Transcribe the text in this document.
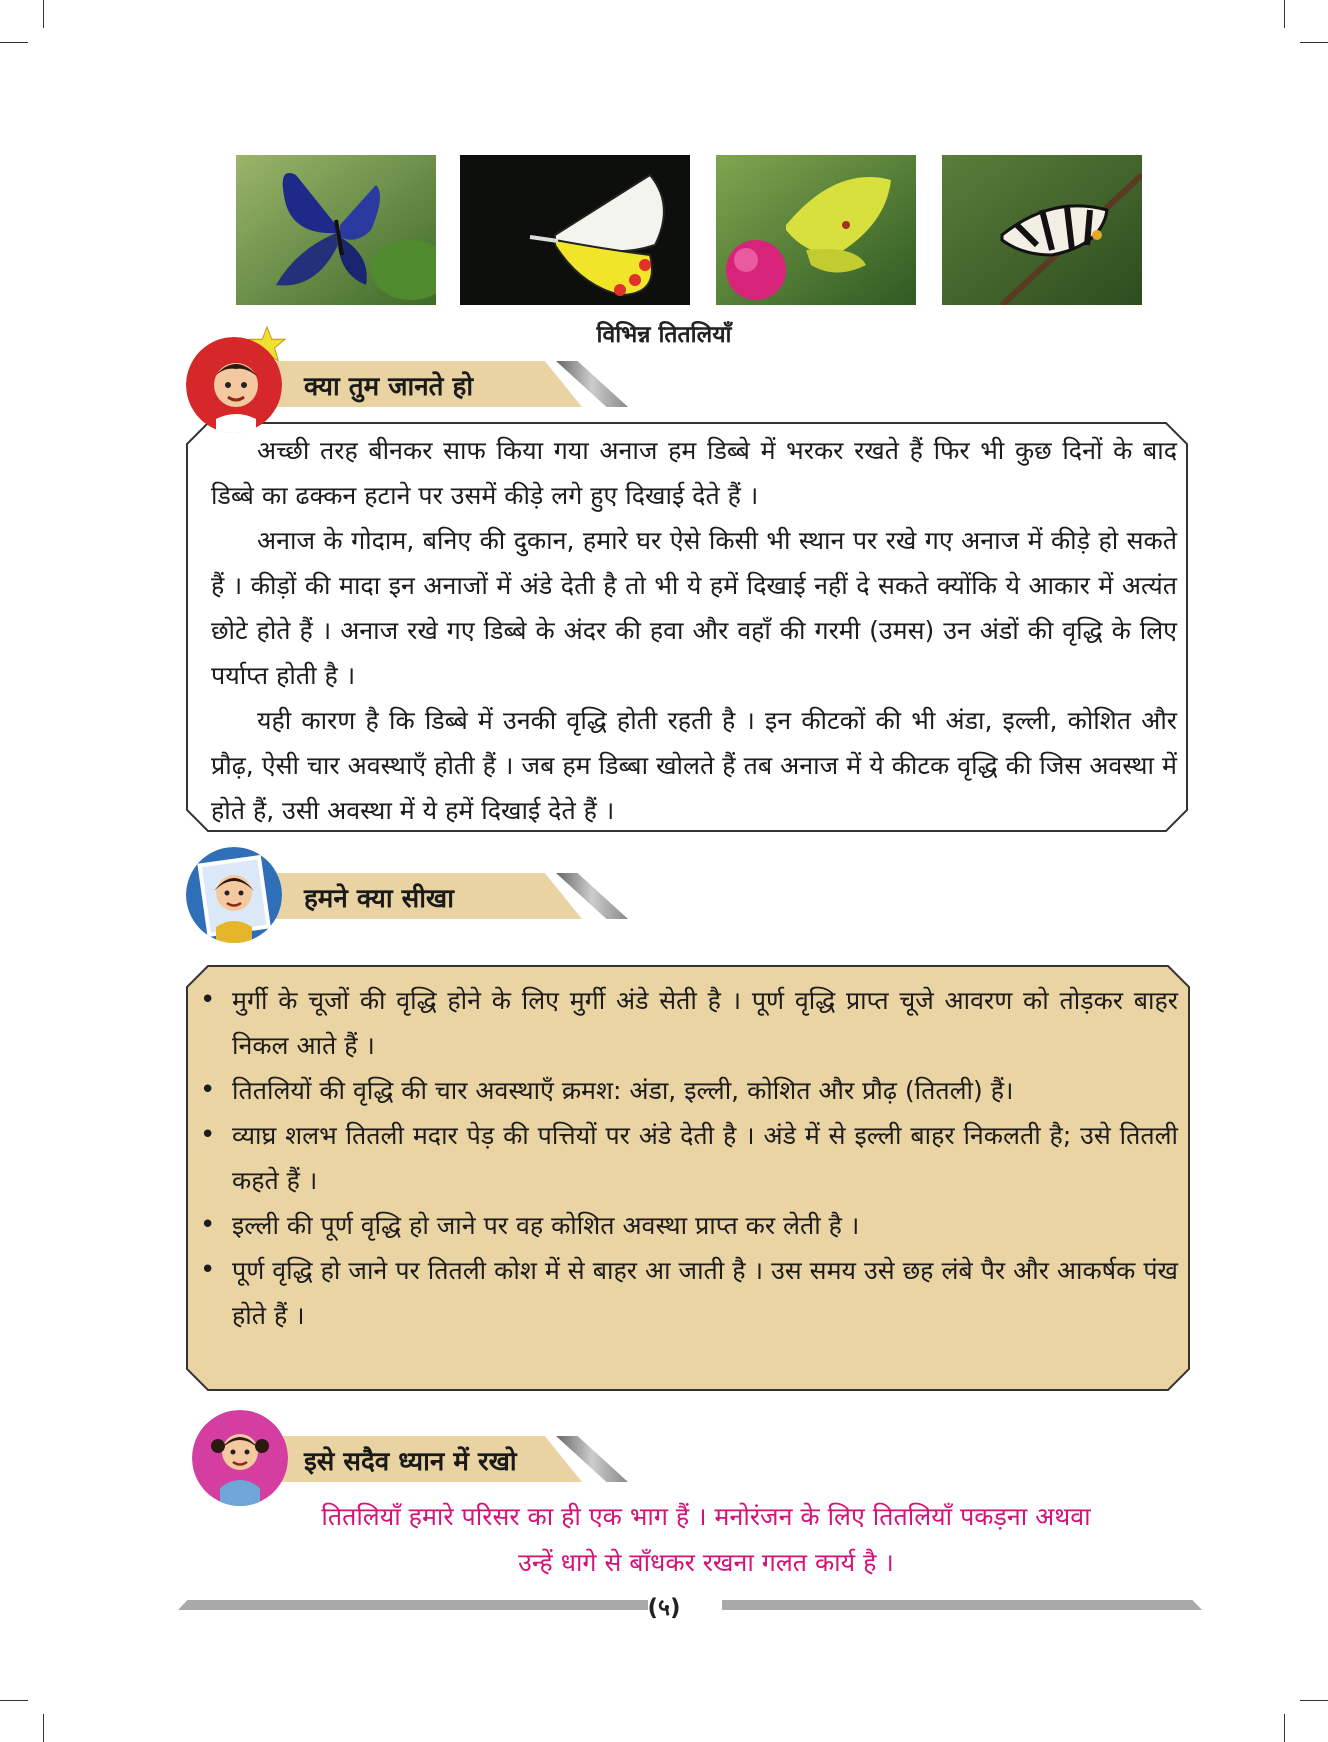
विभिन्न तितलियाँ
क्या तुम जानते हो

अच्छी तरह बीनकर साफ किया गया अनाज हम डिब्बे में भरकर रखते हैं फिर भी कुछ दिनों के बाद डिब्बे का ढक्कन हटाने पर उसमें कीड़े लगे हुए दिखाई देते हैं ।

अनाज के गोदाम, बनिए की दुकान, हमारे घर ऐसे किसी भी स्थान पर रखे गए अनाज में कीड़े हो सकते हैं । कीड़ों की मादा इन अनाजों में अंडे देती है तो भी ये हमें दिखाई नहीं दे सकते क्योंकि ये आकार में अत्यंत छोटे होते हैं । अनाज रखे गए डिब्बे के अंदर की हवा और वहाँ की गरमी (उमस) उन अंडों की वृद्धि के लिए पर्याप्त होती है ।

यही कारण है कि डिब्बे में उनकी वृद्धि होती रहती है । इन कीटकों की भी अंडा, इल्ली, कोशित और प्रौढ़, ऐसी चार अवस्थाएँ होती हैं । जब हम डिब्बा खोलते हैं तब अनाज में ये कीटक वृद्धि की जिस अवस्था में होते हैं, उसी अवस्था में ये हमें दिखाई देते हैं ।

हमने क्या सीखा
• मुर्गी के चूजों की वृद्धि होने के लिए मुर्गी अंडे सेती है । पूर्ण वृद्धि प्राप्त चूजे आवरण को तोड़कर बाहर निकल आते हैं ।
• तितलियों की वृद्धि की चार अवस्थाएँ क्रमश: अंडा, इल्ली, कोशित और प्रौढ़ (तितली) हैं।
• व्याघ्र शलभ तितली मदार पेड़ की पत्तियों पर अंडे देती है । अंडे में से इल्ली बाहर निकलती है; उसे तितली कहते हैं ।
• इल्ली की पूर्ण वृद्धि हो जाने पर वह कोशित अवस्था प्राप्त कर लेती है ।
• पूर्ण वृद्धि हो जाने पर तितली कोश में से बाहर आ जाती है । उस समय उसे छह लंबे पैर और आकर्षक पंख होते हैं ।
इसे सदैव ध्यान में रखो
तितलियाँ हमारे परिसर का ही एक भाग हैं । मनोरंजन के लिए तितलियाँ पकड़ना अथवा
उन्हें धागे से बाँधकर रखना गलत कार्य है ।
(५)
